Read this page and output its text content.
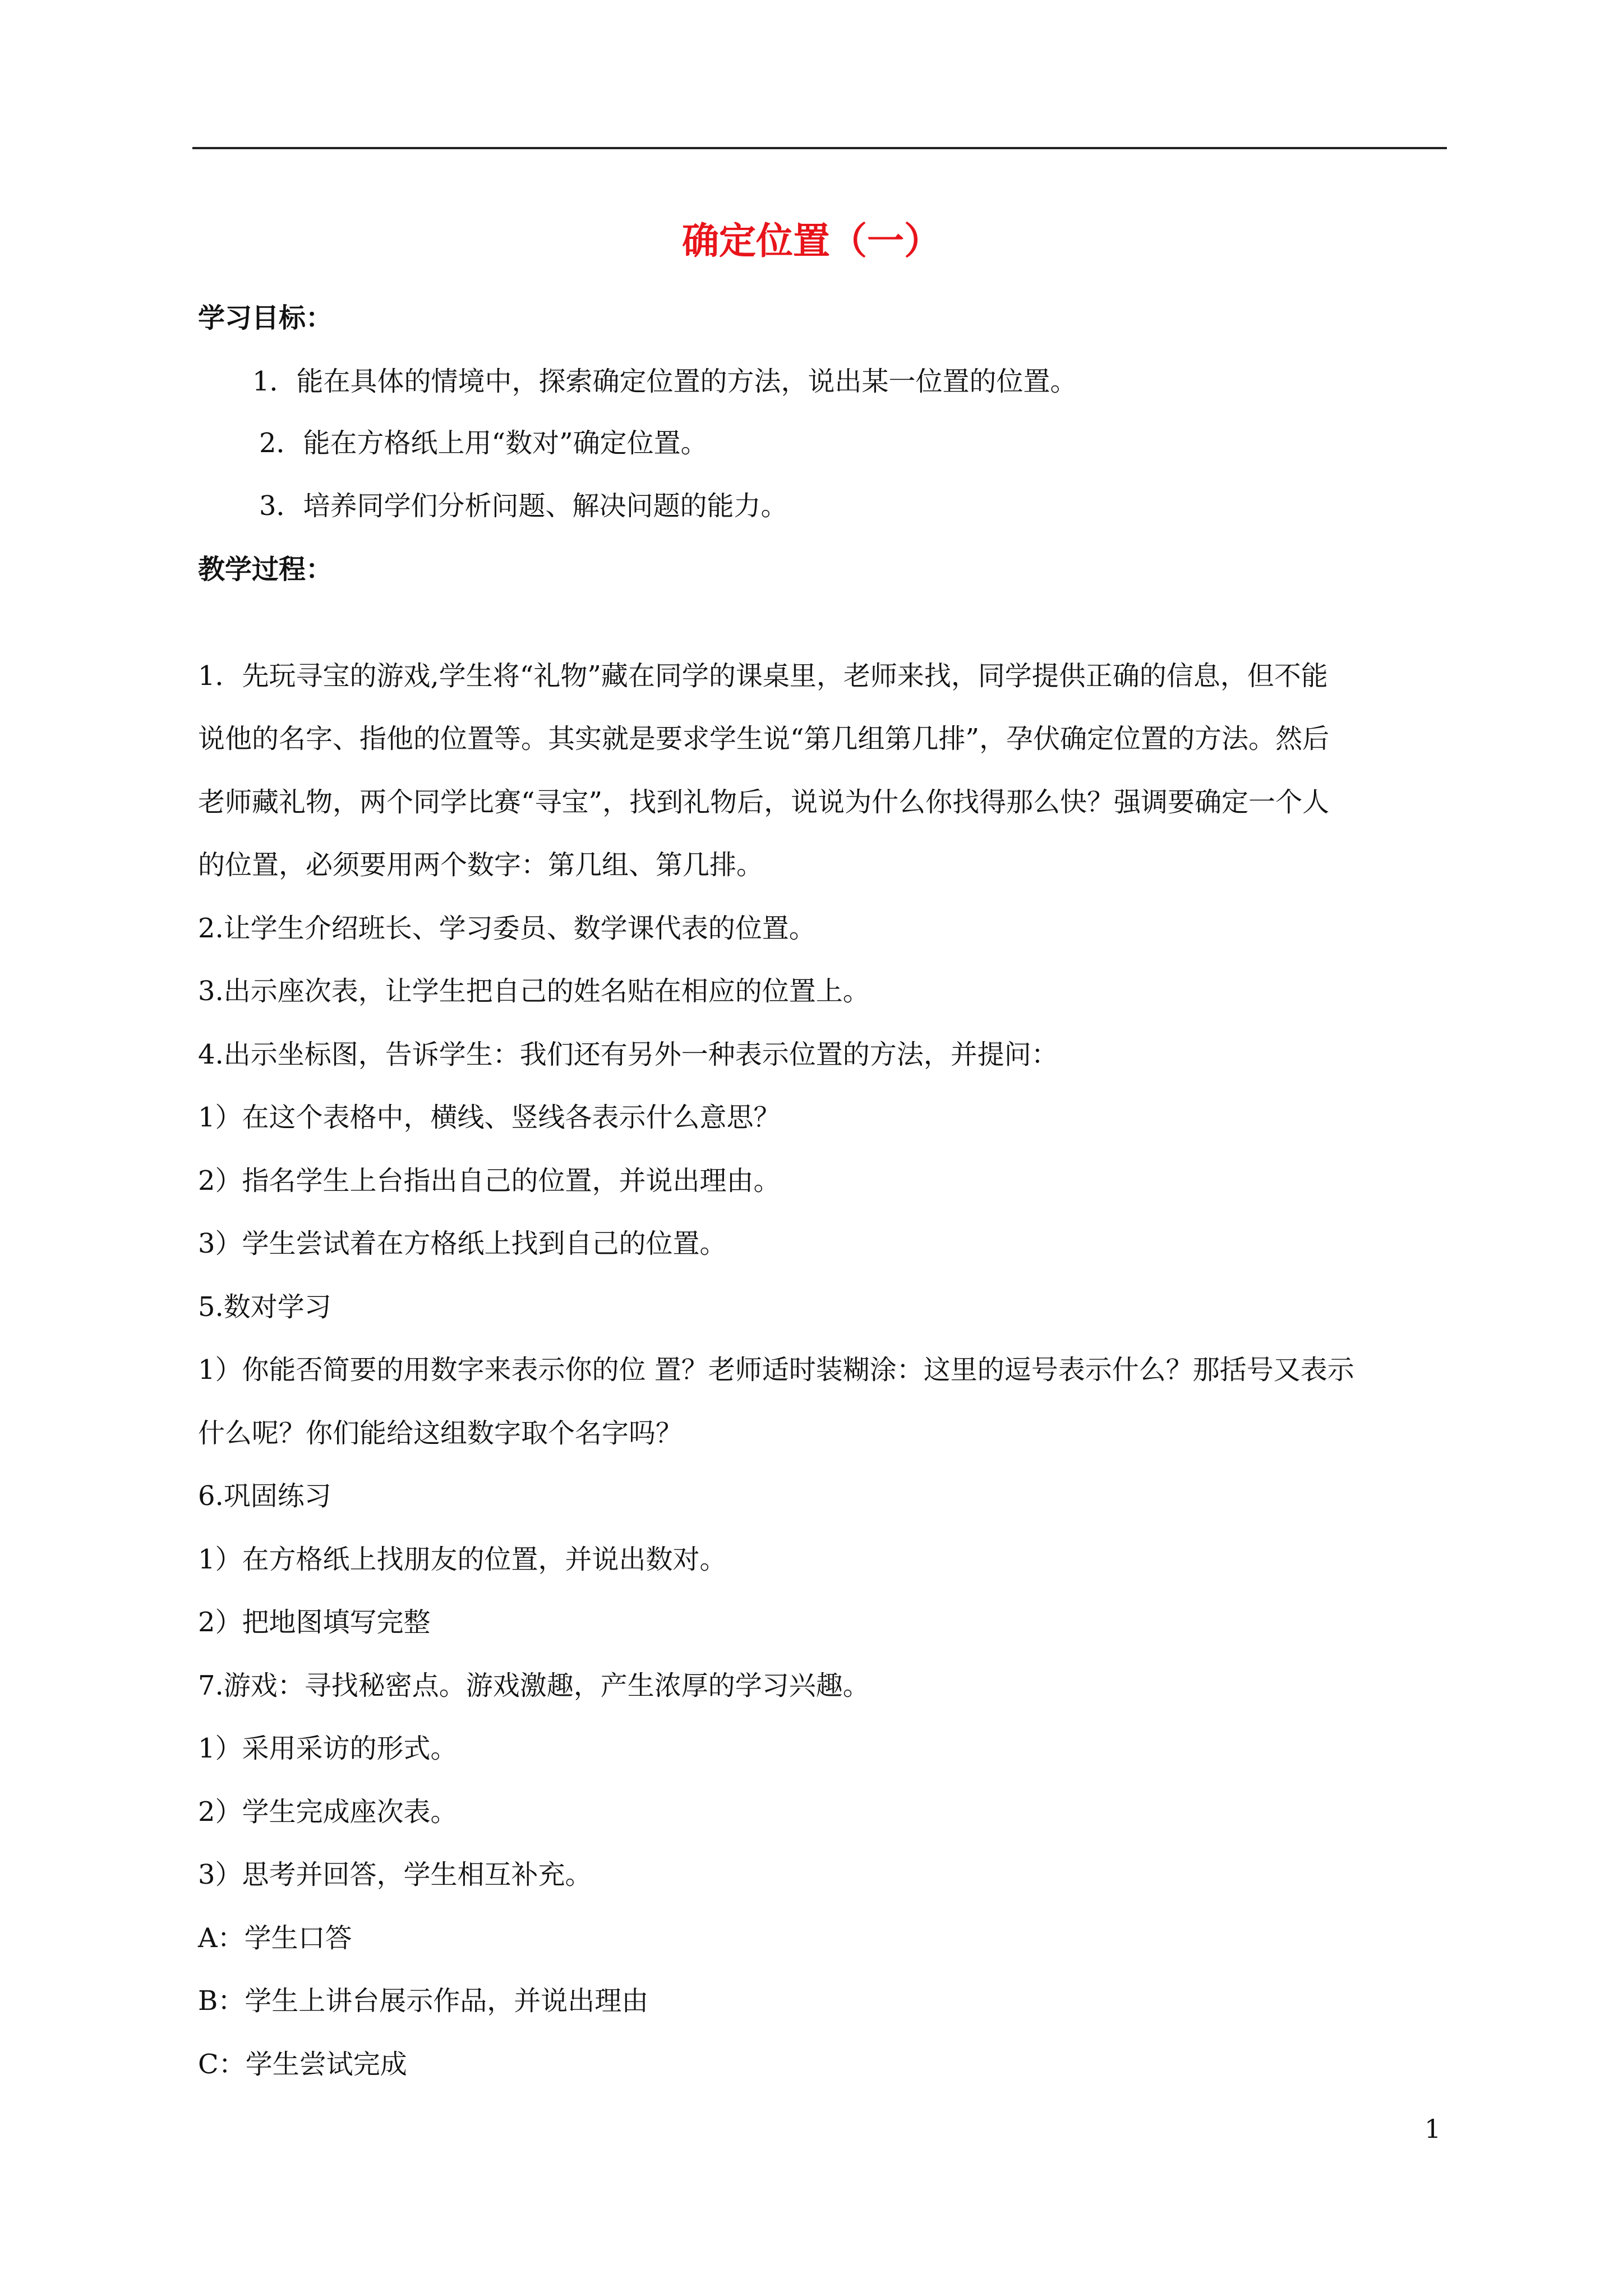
确定位置（一）
学习目标：
1．能在具体的情境中，探索确定位置的方法，说出某一位置的位置。
2．能在方格纸上用“数对”确定位置。
3．培养同学们分析问题、解决问题的能力。
教学过程：
1．先玩寻宝的游戏,学生将“礼物”藏在同学的课桌里，老师来找，同学提供正确的信息，但不能
说他的名字、指他的位置等。其实就是要求学生说“第几组第几排”，孕伏确定位置的方法。然后
老师藏礼物，两个同学比赛“寻宝”，找到礼物后，说说为什么你找得那么快？强调要确定一个人
的位置，必须要用两个数字：第几组、第几排。
2.让学生介绍班长、学习委员、数学课代表的位置。
3.出示座次表，让学生把自己的姓名贴在相应的位置上。
4.出示坐标图，告诉学生：我们还有另外一种表示位置的方法，并提问：
1）在这个表格中，横线、竖线各表示什么意思？
2）指名学生上台指出自己的位置，并说出理由。
3）学生尝试着在方格纸上找到自己的位置。
5.数对学习
1）你能否简要的用数字来表示你的位 置？老师适时装糊涂：这里的逗号表示什么？那括号又表示
什么呢？你们能给这组数字取个名字吗？
6.巩固练习
1）在方格纸上找朋友的位置，并说出数对。
2）把地图填写完整
7.游戏：寻找秘密点。游戏激趣，产生浓厚的学习兴趣。
1）采用采访的形式。
2）学生完成座次表。
3）思考并回答，学生相互补充。
A：学生口答
B：学生上讲台展示作品，并说出理由
C：学生尝试完成
1
